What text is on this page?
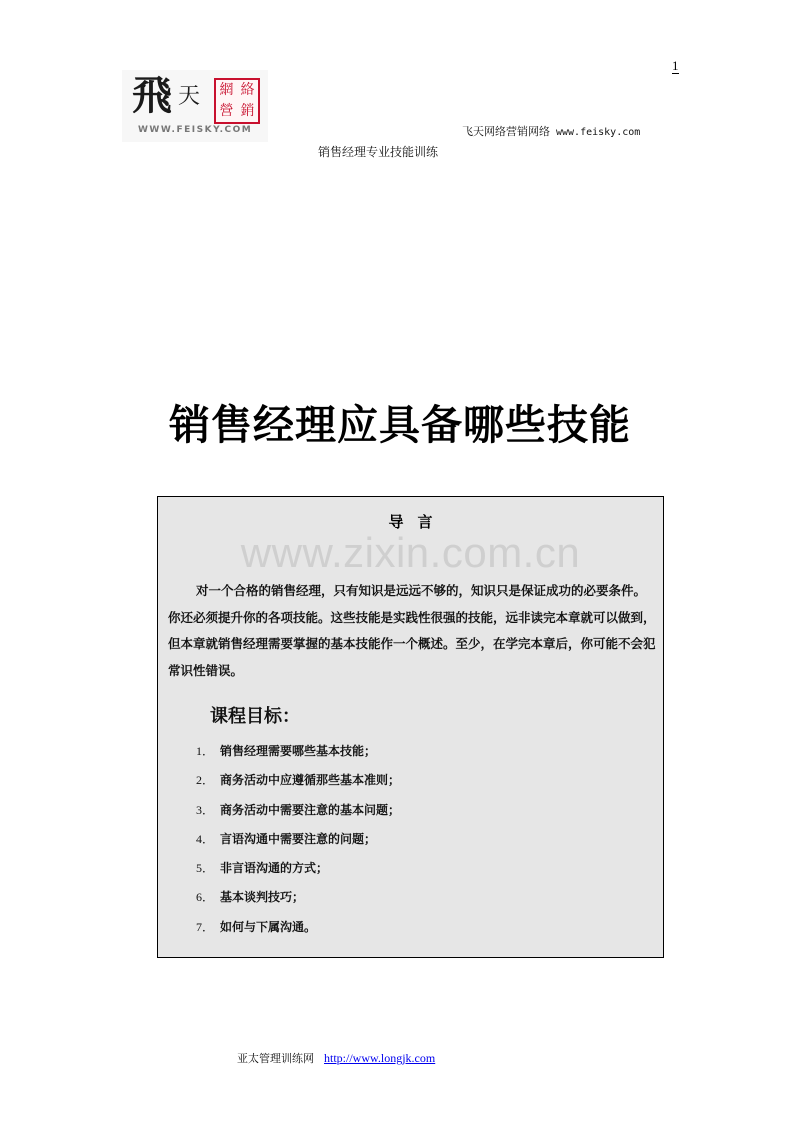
1
飛 天 網 絡
營 銷
WWW.FEISKY.COM	飞天网络营销网络 www.feisky.com
销售经理专业技能训练
销售经理应具备哪些技能
www.zixin.com.cn
导言

对一个合格的销售经理，只有知识是远远不够的，知识只是保证成功的必要条件。你还必须提升你的各项技能。这些技能是实践性很强的技能，远非读完本章就可以做到，但本章就销售经理需要掌握的基本技能作一个概述。至少，在学完本章后，你可能不会犯常识性错误。

课程目标：
1． 销售经理需要哪些基本技能；
2． 商务活动中应遵循那些基本准则；
3． 商务活动中需要注意的基本问题；
4． 言语沟通中需要注意的问题；
5． 非言语沟通的方式；
6． 基本谈判技巧；
7． 如何与下属沟通。
亚太管理训练网 http://www.longjk.com
